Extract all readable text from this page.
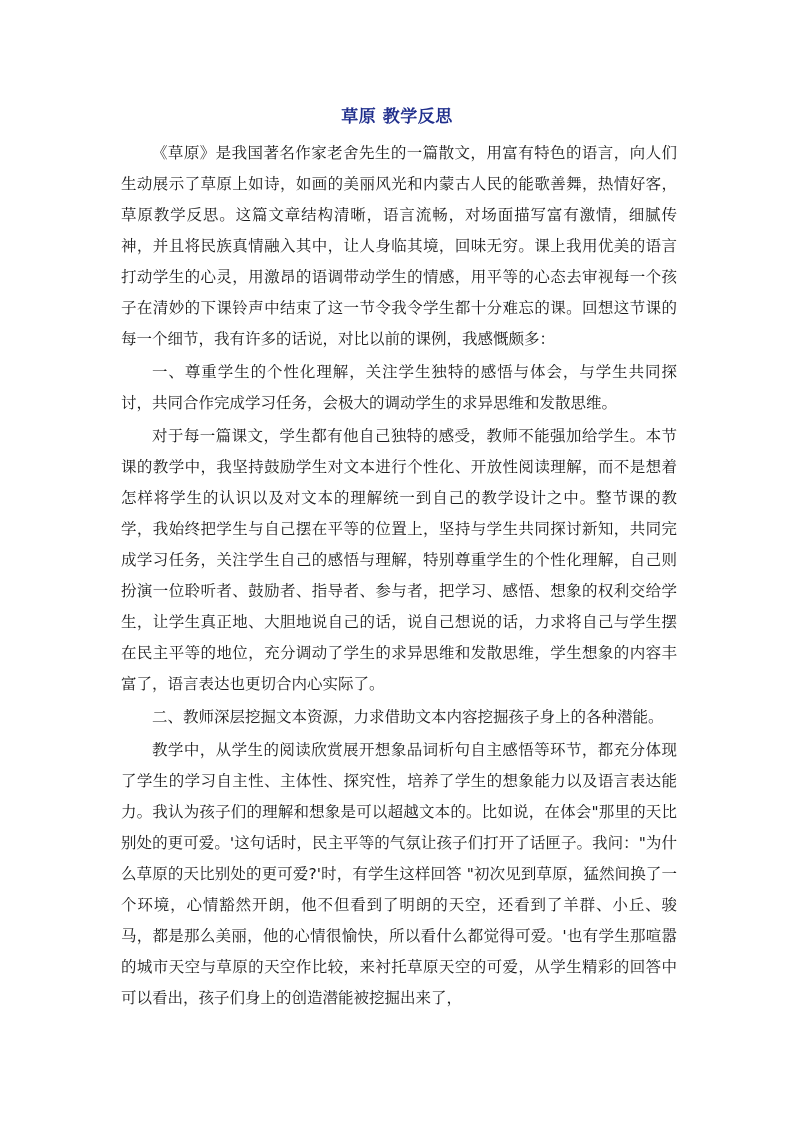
草原 教学反思

《草原》是我国著名作家老舍先生的一篇散文，用富有特色的语言，向人们生动展示了草原上如诗，如画的美丽风光和内蒙古人民的能歌善舞，热情好客，草原教学反思。这篇文章结构清晰，语言流畅，对场面描写富有激情，细腻传神，并且将民族真情融入其中，让人身临其境，回味无穷。课上我用优美的语言打动学生的心灵，用激昂的语调带动学生的情感，用平等的心态去审视每一个孩子在清妙的下课铃声中结束了这一节令我令学生都十分难忘的课。回想这节课的每一个细节，我有许多的话说，对比以前的课例，我感慨颇多：

一、尊重学生的个性化理解，关注学生独特的感悟与体会，与学生共同探讨，共同合作完成学习任务，会极大的调动学生的求异思维和发散思维。

对于每一篇课文，学生都有他自己独特的感受，教师不能强加给学生。本节课的教学中，我坚持鼓励学生对文本进行个性化、开放性阅读理解，而不是想着怎样将学生的认识以及对文本的理解统一到自己的教学设计之中。整节课的教学，我始终把学生与自己摆在平等的位置上，坚持与学生共同探讨新知，共同完成学习任务，关注学生自己的感悟与理解，特别尊重学生的个性化理解，自己则扮演一位聆听者、鼓励者、指导者、参与者，把学习、感悟、想象的权利交给学生，让学生真正地、大胆地说自己的话，说自己想说的话，力求将自己与学生摆在民主平等的地位，充分调动了学生的求异思维和发散思维，学生想象的内容丰富了，语言表达也更切合内心实际了。

二、教师深层挖掘文本资源，力求借助文本内容挖掘孩子身上的各种潜能。

教学中，从学生的阅读欣赏展开想象品词析句自主感悟等环节，都充分体现了学生的学习自主性、主体性、探究性，培养了学生的想象能力以及语言表达能力。我认为孩子们的理解和想象是可以超越文本的。比如说，在体会"那里的天比别处的更可爱。'这句话时，民主平等的气氛让孩子们打开了话匣子。我问："为什么草原的天比别处的更可爱?'时，有学生这样回答 "初次见到草原，猛然间换了一个环境，心情豁然开朗，他不但看到了明朗的天空，还看到了羊群、小丘、骏马，都是那么美丽，他的心情很愉快，所以看什么都觉得可爱。'也有学生那喧嚣的城市天空与草原的天空作比较，来衬托草原天空的可爱，从学生精彩的回答中可以看出，孩子们身上的创造潜能被挖掘出来了，
